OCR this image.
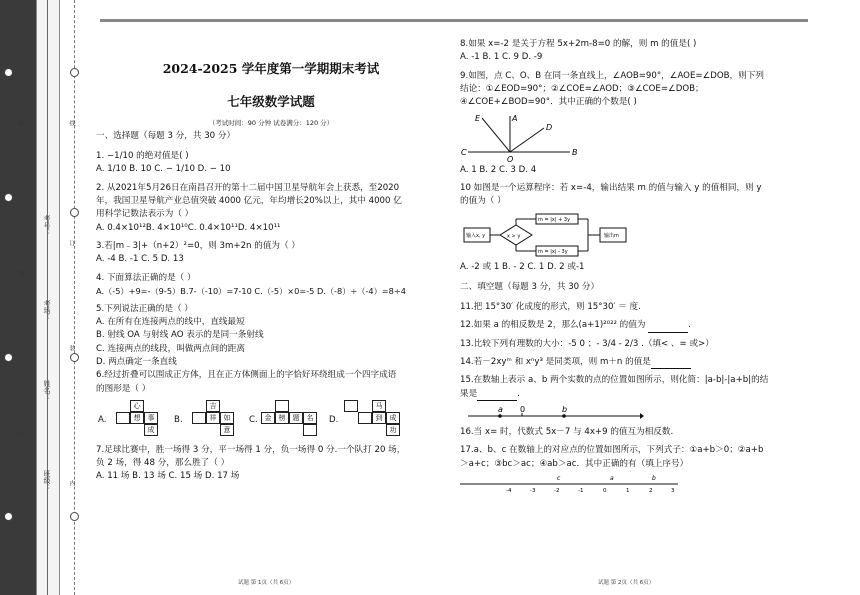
外
装
订
线
订
装
内
考号：
考场：
姓名：
班级：
2024-2025 学年度第一学期期末考试
七年级数学试题
（考试时间：90 分钟 试卷满分：120 分）
一、选择题（每题 3 分，共 30 分）

1. −1/10 的绝对值是( )

A. 1/10 B. 10 C. − 1/10 D. − 10

2. 从2021年5月26日在南昌召开的第十二届中国卫星导航年会上获悉，至2020

年，我国卫星导航产业总值突破 4000 亿元，年均增长20%以上，其中 4000 亿

用科学记数法表示为（ ）

A. 0.4×10¹²B. 4×10¹⁰C. 0.4×10¹¹D. 4×10¹¹

3.若|m﹣3|+（n+2）²=0，则 3m+2n 的值为（ ）

A. -4 B. -1 C. 5 D. 13

4. 下面算法正确的是（ ）

A.（-5）+9=-（9-5）B.7-（-10）=7-10 C.（-5）×0=-5 D.（-8）÷（-4）=8÷4

5.下列说法正确的是（ ）

A. 在所有在连接两点的线中，直线最短

B. 射线 OA 与射线 AO 表示的是同一条射线

C. 连接两点的线段，叫做两点间的距离

D. 两点确定一条直线

6.经过折叠可以围成正方体，且在正方体侧面上的字恰好环绕组成一个四字成语

的图形是（ ）

A.
心
想	事
成
B.
吉
祥	如
意
C. 金	榜	题	名	D.
马
到	成
功

7.足球比赛中，胜一场得 3 分，平一场得 1 分，负一场得 0 分.一个队打 20 场，

负 2 场，得 48 分，那么胜了（ ）

A. 11 场 B. 13 场 C. 15 场 D. 17 场

试题 第 1页（共 6页）

8.如果 x=-2 是关于方程 5x+2m-8=0 的解，则 m 的值是( )

A. -1 B. 1 C. 9 D. -9

9.如图，点 C、O、B 在同一条直线上，∠AOB=90°，∠AOE=∠DOB，则下列

结论：①∠EOD=90°；②∠COE=∠AOD；③∠COE=∠DOB；

④∠COE+∠BOD=90°．其中正确的个数是( )

E	A
D
C
O
B

A. 1 B. 2 C. 3 D. 4

10 如图是一个运算程序：若 x=-4，输出结果 m 的值与输入 y 的值相同，则 y

的值为（ ）

输入x, y	x > y
m = |x| + 3y
m = |x| - 3y
输出m

A. -2 或 1 B. - 2 C. 1 D. 2 或-1

二、填空题（每题 3 分，共 30 分）

11.把 15°30′ 化成度的形式，则 15°30′ ＝ 度.

12.如果 a 的相反数是 2，那么(a+1)²⁰²² 的值为	.

13.比较下列有理数的大小：-5 0 ；- 3/4 - 2/3 .（填< 、= 或>）

14.若－2xyᵐ 和 xⁿy³ 是同类项，则 m＋n 的值是

15.在数轴上表示 a、b 两个实数的点的位置如图所示，则化简：|a-b|-|a+b|的结

果是	.

a 0	b

16.当 x= 时，代数式 5x－7 与 4x+9 的值互为相反数.

17.a、b、c 在数轴上的对应点的位置如图所示，下列式子：①a+b＞0；②a+b

＞a+c；③bc＞ac；④ab＞ac．其中正确的有（填上序号）

-4	-3	-2	-1	0	1	2	3
c	a	b
试题 第 2页（共 6页）
